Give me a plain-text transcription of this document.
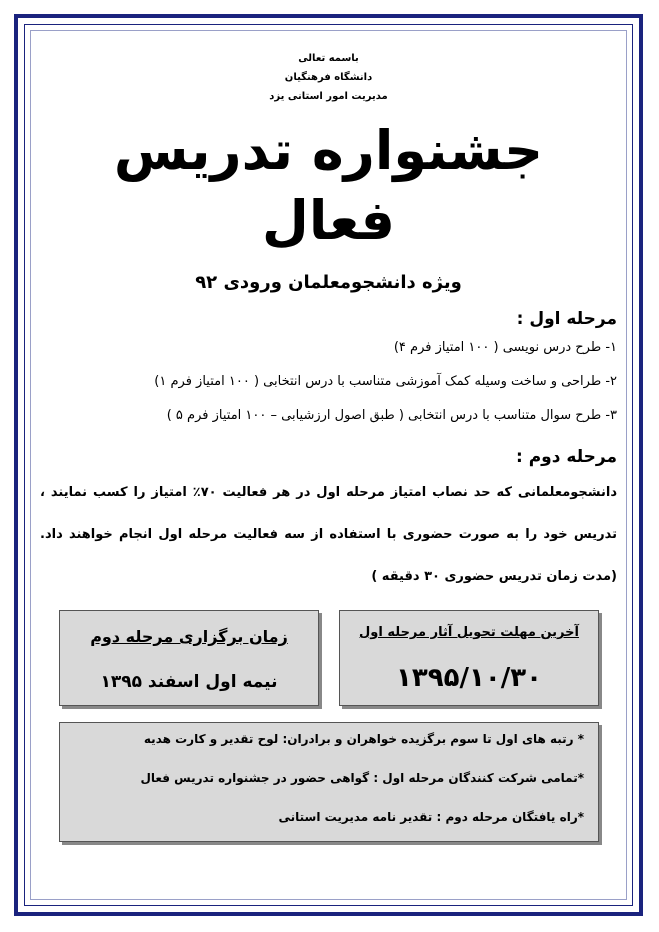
باسمه تعالی
دانشگاه فرهنگیان
مدیریت امور استانی یزد
جشنواره تدریس فعال
ویژه دانشجومعلمان ورودی ۹۲
مرحله اول :
۱- طرح درس نویسی ( ۱۰۰ امتیاز فرم ۴)
۲- طراحی و ساخت وسیله کمک آموزشی متناسب با درس انتخابی ( ۱۰۰ امتیاز فرم ۱)
۳- طرح سوال متناسب با درس انتخابی ( طبق اصول ارزشیابی – ۱۰۰ امتیاز فرم ۵ )
مرحله دوم :
دانشجومعلمانی که حد نصاب امتیاز مرحله اول در هر فعالیت ۷۰٪ امتیاز را کسب نمایند ، تدریس خود را به صورت حضوری با استفاده از سه فعالیت مرحله اول انجام خواهند داد. (مدت زمان تدریس حضوری ۳۰ دقیقه )
آخرین مهلت تحویل آثار مرحله اول
۱۳۹۵/۱۰/۳۰
زمان برگزاری مرحله دوم
نیمه اول اسفند ۱۳۹۵
* رتبه های اول تا سوم برگزیده خواهران و برادران: لوح تقدیر و کارت هدیه
*تمامی شرکت کنندگان مرحله اول : گواهی حضور در جشنواره تدریس فعال
*راه یافتگان مرحله دوم : تقدیر نامه مدیریت استانی
